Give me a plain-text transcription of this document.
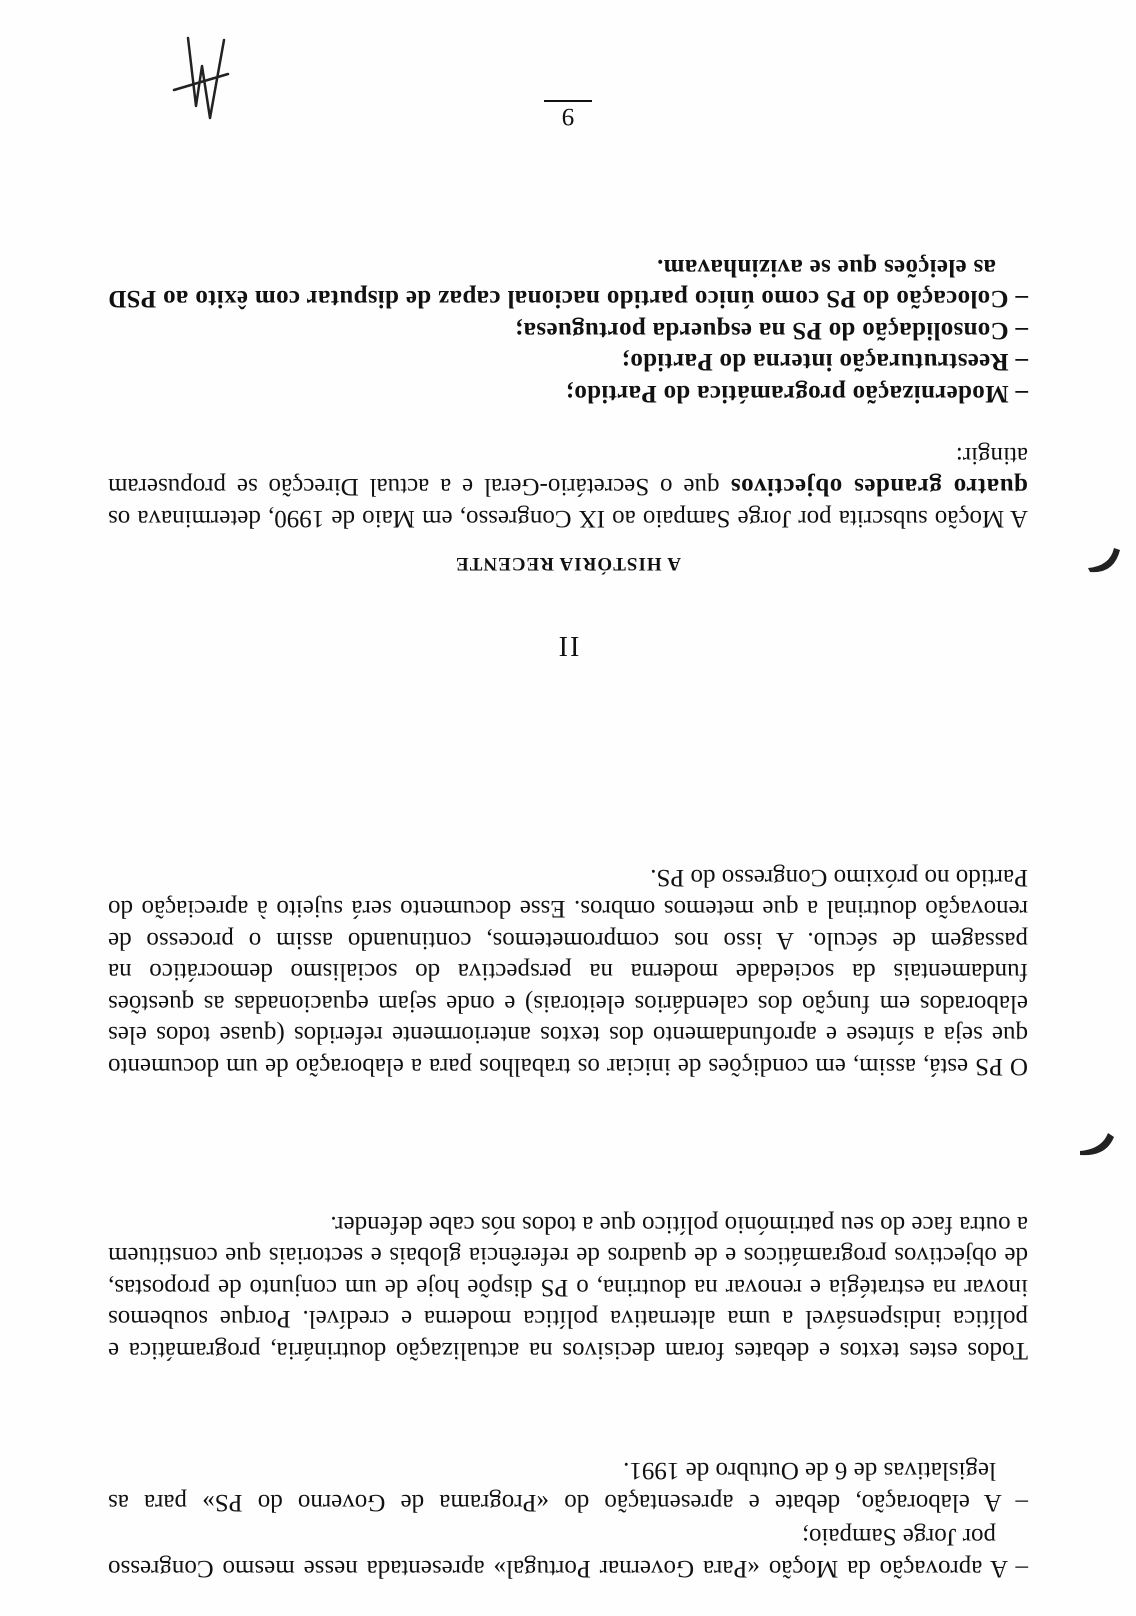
– A aprovação da Moção «Para Governar Portugal» apresentada nesse mesmo Congresso por Jorge Sampaio;

– A elaboração, debate e apresentação do «Programa de Governo do PS» para as legislativas de 6 de Outubro de 1991.

Todos estes textos e debates foram decisivos na actualização doutrinária, programática e política indispensável a uma alternativa política moderna e credível. Porque soubemos inovar na estratégia e renovar na doutrina, o PS dispõe hoje de um conjunto de propostas, de objectivos programáticos e de quadros de referência globais e sectoriais que constituem a outra face do seu património político que a todos nós cabe defender.

O PS está, assim, em condições de iniciar os trabalhos para a elaboração de um documento que seja a síntese e aprofundamento dos textos anteriormente referidos (quase todos eles elaborados em função dos calendários eleitorais) e onde sejam equacionadas as questões fundamentais da sociedade moderna na perspectiva do socialismo democrático na passagem de século. A isso nos comprometemos, continuando assim o processo de renovação doutrinal a que metemos ombros. Esse documento será sujeito à apreciação do Partido no próximo Congresso do PS.

II
A HISTÓRIA RECENTE

A Moção subscrita por Jorge Sampaio ao IX Congresso, em Maio de 1990, determinava os quatro grandes objectivos que o Secretário-Geral e a actual Direcção se propuseram atingir:

– Modernização programática do Partido;

– Reestruturação interna do Partido;

– Consolidação do PS na esquerda portuguesa;

– Colocação do PS como único partido nacional capaz de disputar com êxito ao PSD as eleições que se avizinhavam.

9
